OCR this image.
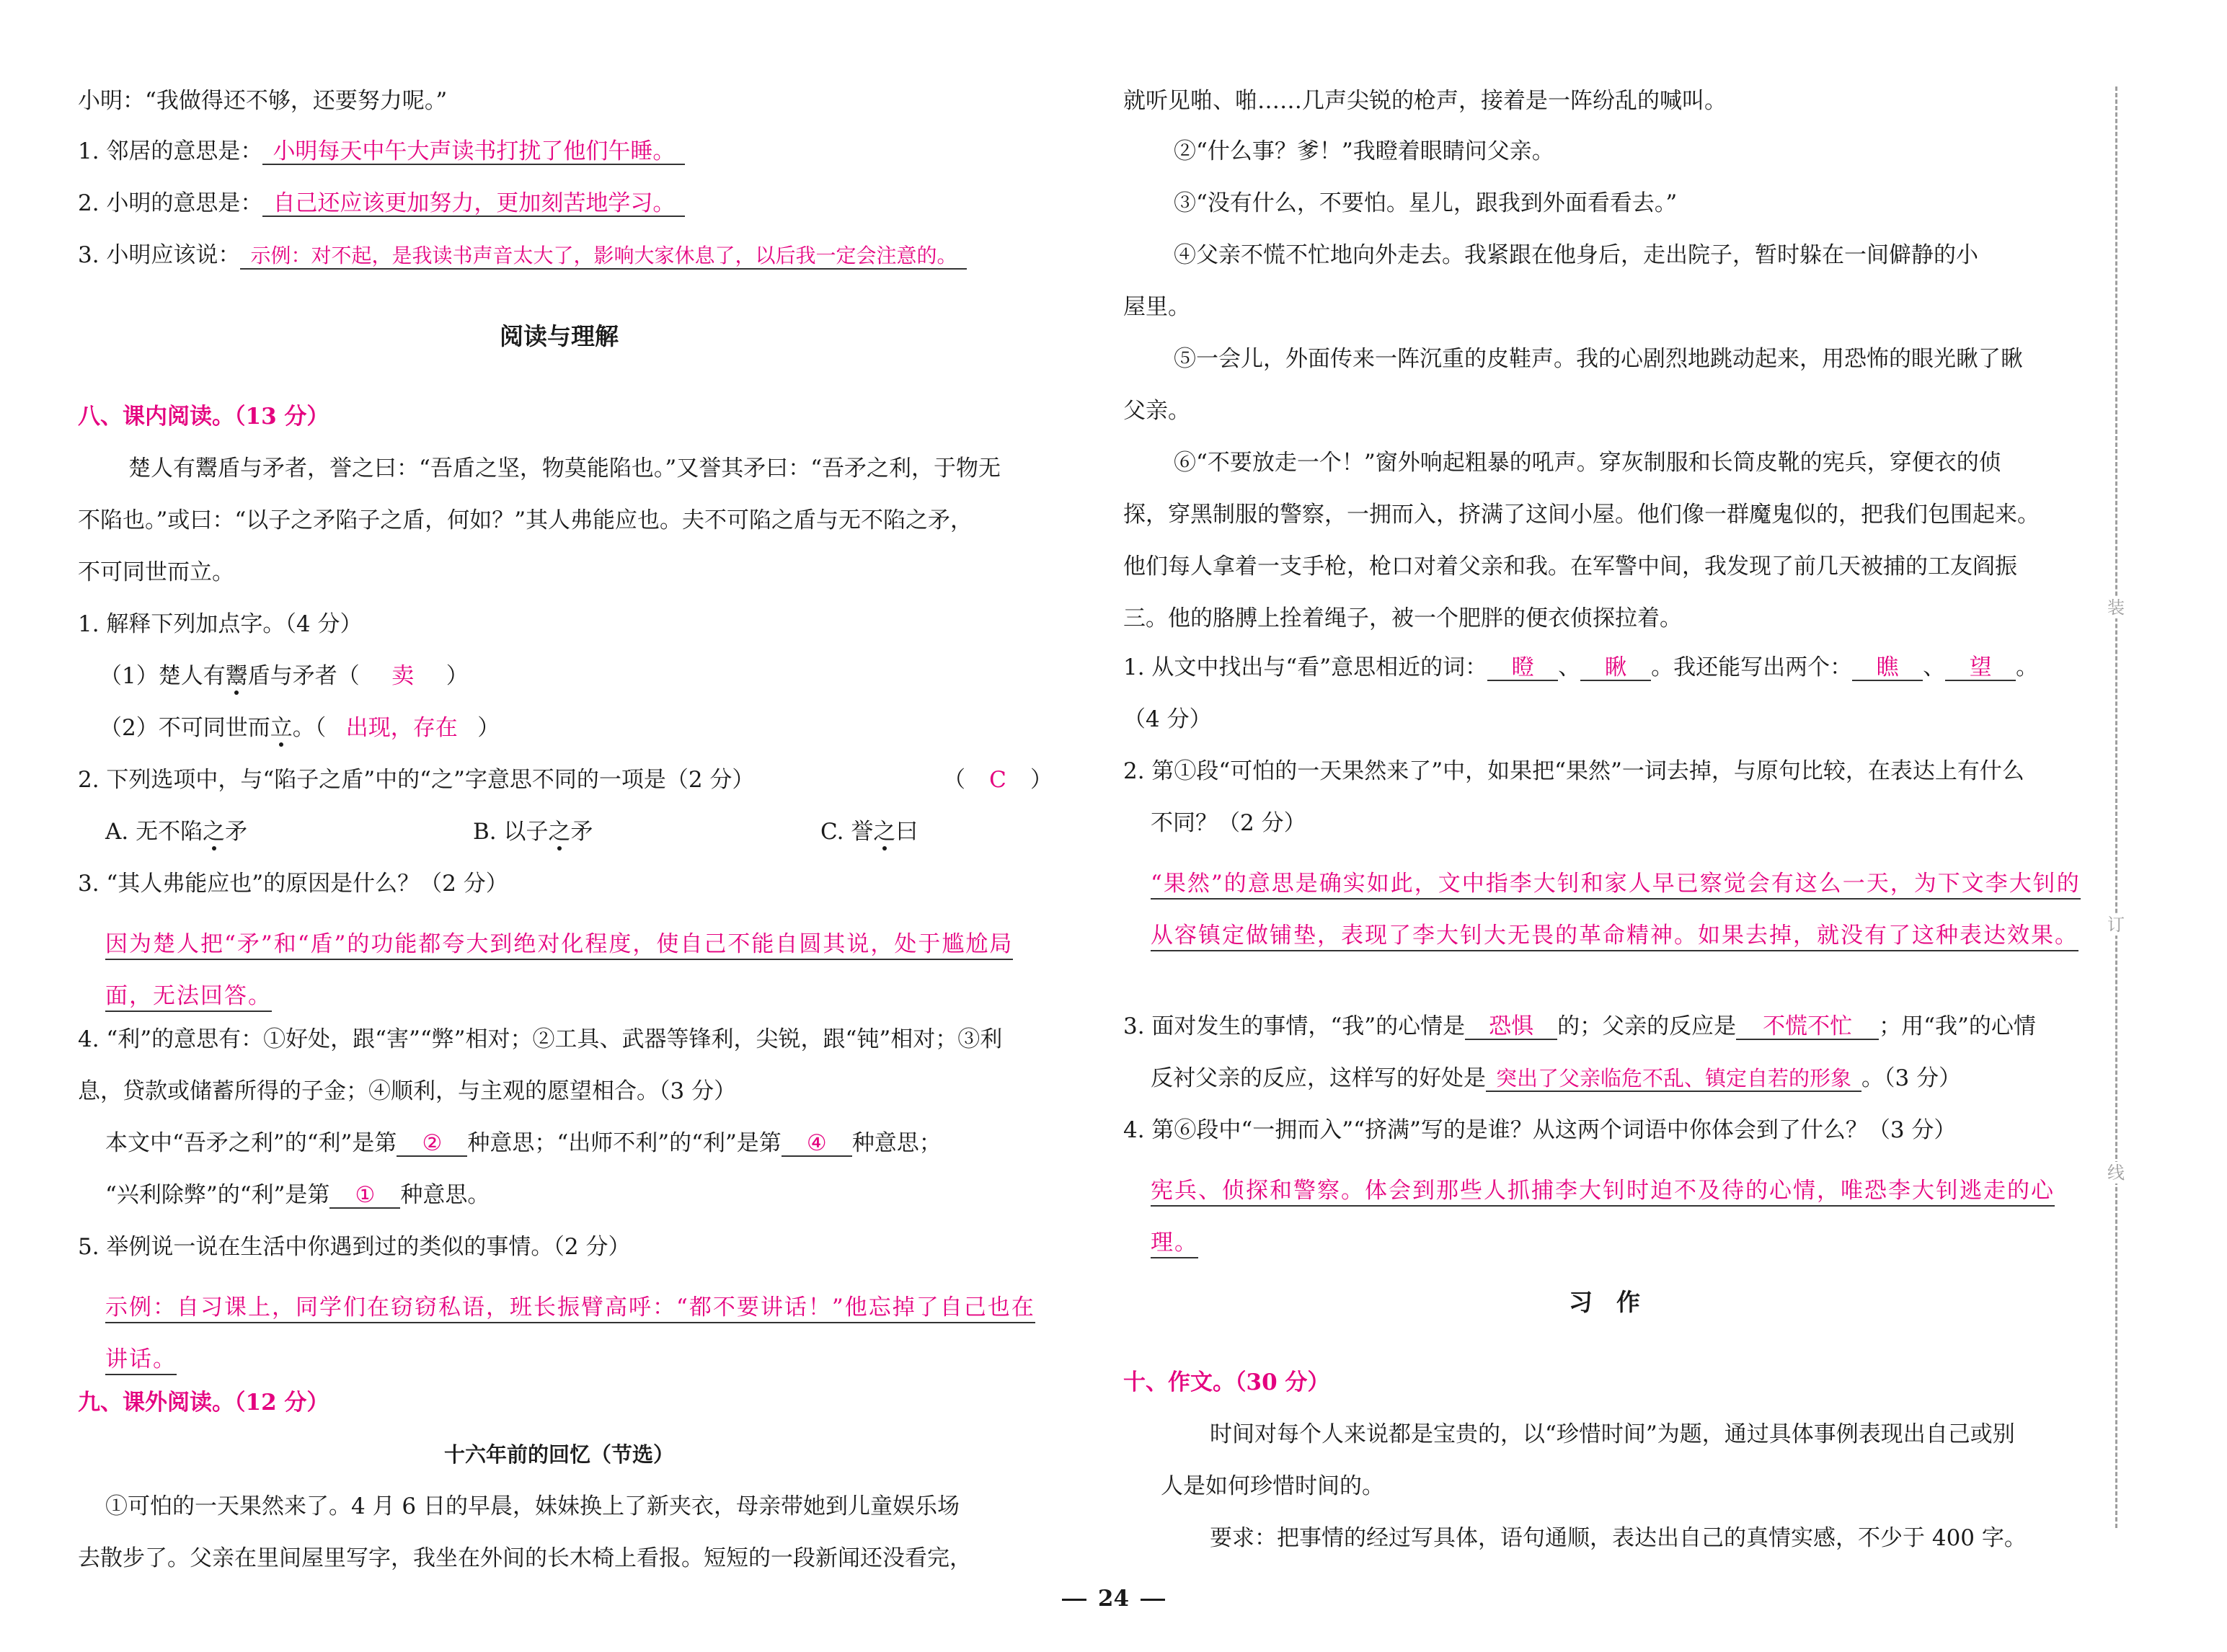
小明：“我做得还不够，还要努力呢。”
1. 邻居的意思是： 小明每天中午大声读书打扰了他们午睡。
2. 小明的意思是： 自己还应该更加努力，更加刻苦地学习。
3. 小明应该说： 示例：对不起，是我读书声音太大了，影响大家休息了，以后我一定会注意的。
阅读与理解
八、课内阅读。（13 分）
楚人有鬻盾与矛者，誉之曰：“吾盾之坚，物莫能陷也。”又誉其矛曰：“吾矛之利，于物无
不陷也。”或曰：“以子之矛陷子之盾，何如？”其人弗能应也。夫不可陷之盾与无不陷之矛，
不可同世而立。
1. 解释下列加点字。（4 分）
（1）楚人有鬻盾与矛者（ 卖 ）
（2）不可同世而立。（ 出现，存在 ）
2. 下列选项中，与“陷子之盾”中的“之”字意思不同的一项是（2 分）	（ C ）
A. 无不陷之矛	B. 以子之矛	C. 誉之曰
3. “其人弗能应也”的原因是什么？（2 分）
因为楚人把“矛”和“盾”的功能都夸大到绝对化程度，使自己不能自圆其说，处于尴尬局面，无法回答。
4. “利”的意思有：①好处，跟“害”“弊”相对；②工具、武器等锋利，尖锐，跟“钝”相对；③利
息，贷款或储蓄所得的子金；④顺利，与主观的愿望相合。（3 分）
本文中“吾矛之利”的“利”是第 ② 种意思；“出师不利”的“利”是第 ④ 种意思；
“兴利除弊”的“利”是第 ① 种意思。
5. 举例说一说在生活中你遇到过的类似的事情。（2 分）
示例：自习课上，同学们在窃窃私语，班长振臂高呼：“都不要讲话！”他忘掉了自己也在讲话。
九、课外阅读。（12 分）
十六年前的回忆（节选）
①可怕的一天果然来了。4 月 6 日的早晨，妹妹换上了新夹衣，母亲带她到儿童娱乐场
去散步了。父亲在里间屋里写字，我坐在外间的长木椅上看报。短短的一段新闻还没看完，
就听见啪、啪……几声尖锐的枪声，接着是一阵纷乱的喊叫。
②“什么事？爹！”我瞪着眼睛问父亲。
③“没有什么，不要怕。星儿，跟我到外面看看去。”
④父亲不慌不忙地向外走去。我紧跟在他身后，走出院子，暂时躲在一间僻静的小
屋里。
⑤一会儿，外面传来一阵沉重的皮鞋声。我的心剧烈地跳动起来，用恐怖的眼光瞅了瞅
父亲。
⑥“不要放走一个！”窗外响起粗暴的吼声。穿灰制服和长筒皮靴的宪兵，穿便衣的侦
探，穿黑制服的警察，一拥而入，挤满了这间小屋。他们像一群魔鬼似的，把我们包围起来。
他们每人拿着一支手枪，枪口对着父亲和我。在军警中间，我发现了前几天被捕的工友阎振
三。他的胳膊上拴着绳子，被一个肥胖的便衣侦探拉着。
1. 从文中找出与“看”意思相近的词： 瞪 、 瞅 。我还能写出两个： 瞧 、 望 。
（4 分）
2. 第①段“可怕的一天果然来了”中，如果把“果然”一词去掉，与原句比较，在表达上有什么
不同？（2 分）
“果然”的意思是确实如此，文中指李大钊和家人早已察觉会有这么一天，为下文李大钊的从容镇定做铺垫，表现了李大钊大无畏的革命精神。如果去掉，就没有了这种表达效果。
3. 面对发生的事情，“我”的心情是 恐惧 的；父亲的反应是 不慌不忙 ；用“我”的心情
反衬父亲的反应，这样写的好处是 突出了父亲临危不乱、镇定自若的形象 。（3 分）
4. 第⑥段中“一拥而入”“挤满”写的是谁？从这两个词语中你体会到了什么？（3 分）
宪兵、侦探和警察。体会到那些人抓捕李大钊时迫不及待的心情，唯恐李大钊逃走的心理。
习　作
十、作文。（30 分）
时间对每个人来说都是宝贵的，以“珍惜时间”为题，通过具体事例表现出自己或别
人是如何珍惜时间的。
要求：把事情的经过写具体，语句通顺，表达出自己的真情实感，不少于 400 字。
装
订
线
24
